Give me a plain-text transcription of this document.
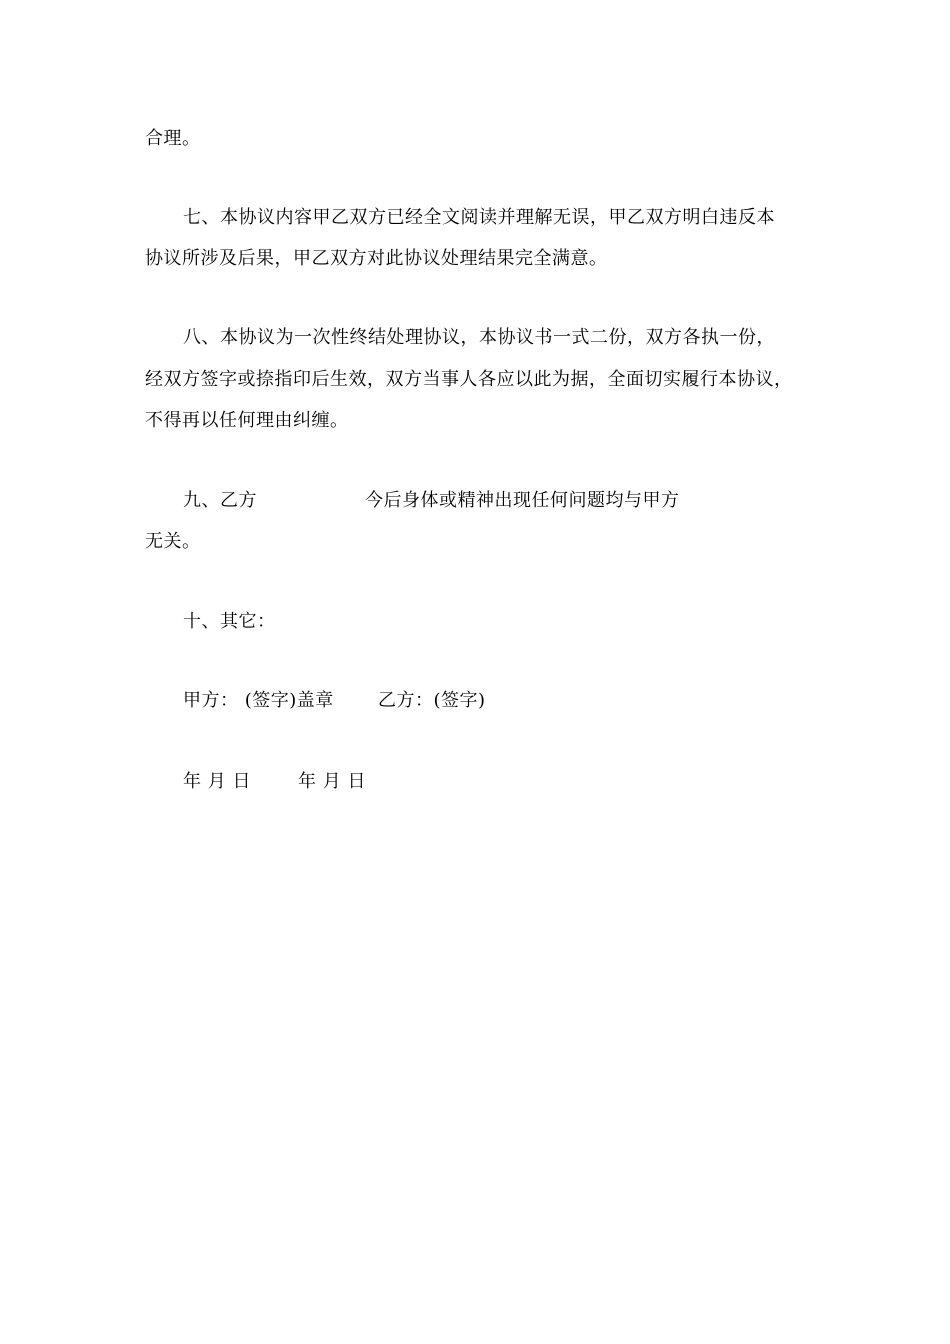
合理。
七、本协议内容甲乙双方已经全文阅读并理解无误，甲乙双方明白违反本
协议所涉及后果，甲乙双方对此协议处理结果完全满意。
八、本协议为一次性终结处理协议，本协议书一式二份，双方各执一份，
经双方签字或捺指印后生效，双方当事人各应以此为据，全面切实履行本协议，
不得再以任何理由纠缠。
九、乙方	今后身体或精神出现任何问题均与甲方
无关。
十、其它：
甲方： (签字)盖章 乙方：(签字)
年 月 日	年 月 日
